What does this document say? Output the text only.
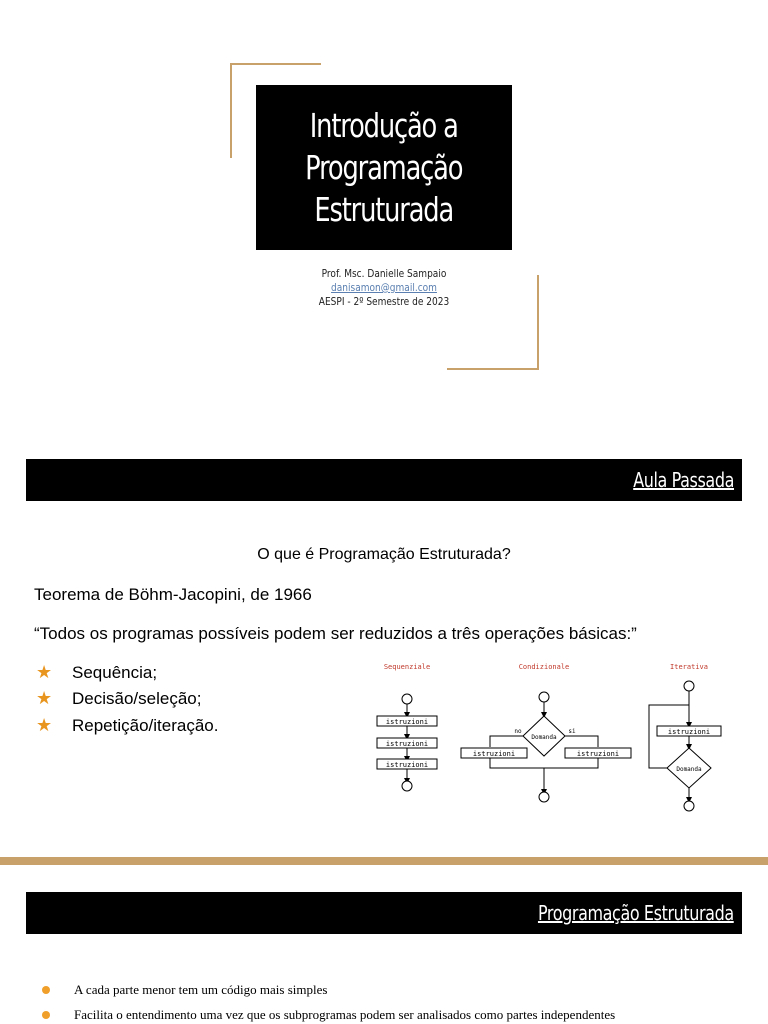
Introdução a
Programação
Estruturada
Prof. Msc. Danielle Sampaio
danisamon@gmail.com
AESPI - 2º Semestre de 2023
Aula Passada
O que é Programação Estruturada?
Teorema de Böhm-Jacopini, de 1966
“Todos os programas possíveis podem ser reduzidos a três operações básicas:”
★	Sequência;
★	Decisão/seleção;
★	Repetição/iteração.
Sequenziale	Condizionale	Iterativa
istruzioni
istruzioni
istruzioni
Domanda
no	si
istruzioni	istruzioni
istruzioni
Domanda
Programação Estruturada
A cada parte menor tem um código mais simples
Facilita o entendimento uma vez que os subprogramas podem ser analisados como partes independentes
